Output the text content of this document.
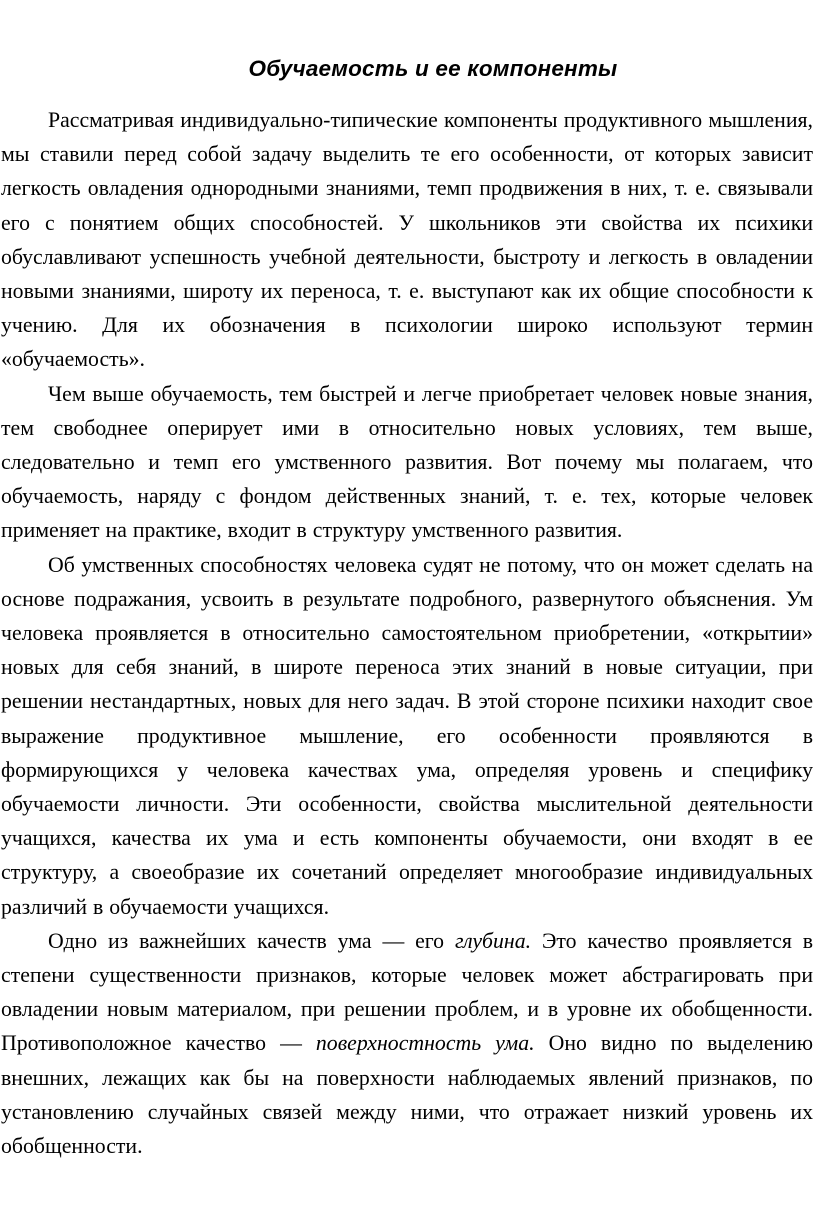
Обучаемость и ее компоненты

Рассматривая индивидуально-типические компоненты продуктивного мышления, мы ставили перед собой задачу выделить те его особенности, от которых зависит легкость овладения однородными знаниями, темп продвижения в них, т. е. связывали его с понятием общих способностей. У школьников эти свойства их психики обуславливают успешность учебной деятельности, быстроту и легкость в овладении новыми знаниями, широту их переноса, т. е. выступают как их общие способности к учению. Для их обозначения в психологии широко используют термин «обучаемость».

Чем выше обучаемость, тем быстрей и легче приобретает человек новые знания, тем свободнее оперирует ими в относительно новых условиях, тем выше, следовательно и темп его умственного развития. Вот почему мы полагаем, что обучаемость, наряду с фондом действенных знаний, т. е. тех, которые человек применяет на практике, входит в структуру умственного развития.

Об умственных способностях человека судят не потому, что он может сделать на основе подражания, усвоить в результате подробного, развернутого объяснения. Ум человека проявляется в относительно самостоятельном приобретении, «открытии» новых для себя знаний, в широте переноса этих знаний в новые ситуации, при решении нестандартных, новых для него задач. В этой стороне психики находит свое выражение продуктивное мышление, его особенности проявляются в формирующихся у человека качествах ума, определяя уровень и специфику обучаемости личности. Эти особенности, свойства мыслительной деятельности учащихся, качества их ума и есть компоненты обучаемости, они входят в ее структуру, а своеобразие их сочетаний определяет многообразие индивидуальных различий в обучаемости учащихся.

Одно из важнейших качеств ума — его глубина. Это качество проявляется в степени существенности признаков, которые человек может абстрагировать при овладении новым материалом, при решении проблем, и в уровне их обобщенности. Противоположное качество — поверхностность ума. Оно видно по выделению внешних, лежащих как бы на поверхности наблюдаемых явлений признаков, по установлению случайных связей между ними, что отражает низкий уровень их обобщенности.
